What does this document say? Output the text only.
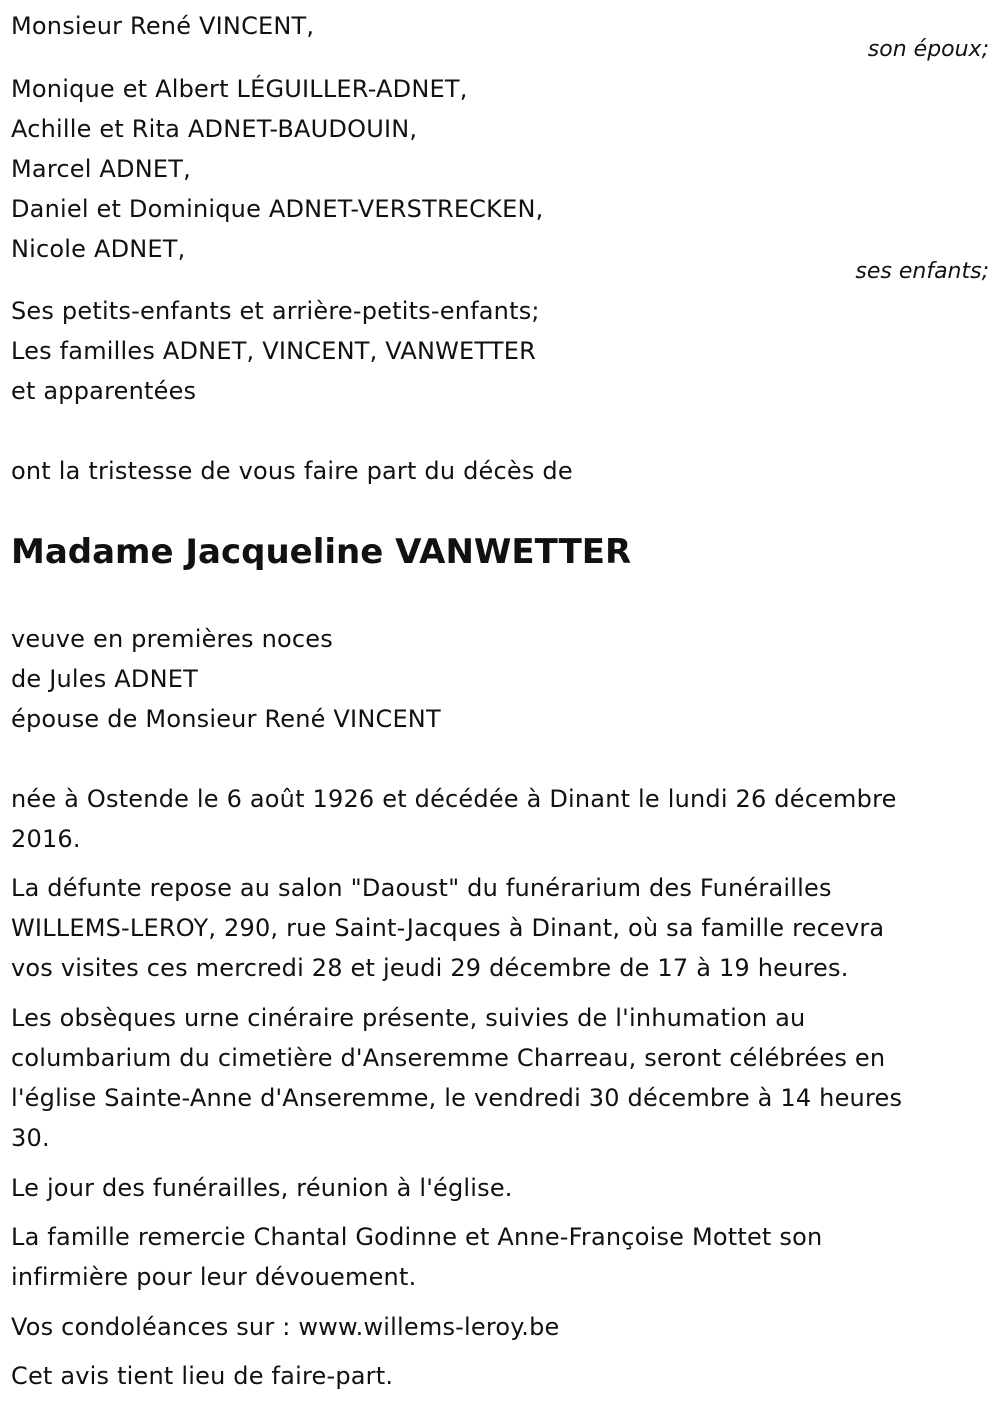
Monsieur René VINCENT,
son époux;
Monique et Albert LÉGUILLER-ADNET,
Achille et Rita ADNET-BAUDOUIN,
Marcel ADNET,
Daniel et Dominique ADNET-VERSTRECKEN,
Nicole ADNET,
ses enfants;
Ses petits-enfants et arrière-petits-enfants;
Les familles ADNET, VINCENT, VANWETTER
et apparentées
ont la tristesse de vous faire part du décès de
Madame Jacqueline VANWETTER
veuve en premières noces
de Jules ADNET
épouse de Monsieur René VINCENT
née à Ostende le 6 août 1926 et décédée à Dinant le lundi 26 décembre
2016.
La défunte repose au salon "Daoust" du funérarium des Funérailles
WILLEMS-LEROY, 290, rue Saint-Jacques à Dinant, où sa famille recevra
vos visites ces mercredi 28 et jeudi 29 décembre de 17 à 19 heures.
Les obsèques urne cinéraire présente, suivies de l'inhumation au
columbarium du cimetière d'Anseremme Charreau, seront célébrées en
l'église Sainte-Anne d'Anseremme, le vendredi 30 décembre à 14 heures
30.
Le jour des funérailles, réunion à l'église.
La famille remercie Chantal Godinne et Anne-Françoise Mottet son
infirmière pour leur dévouement.
Vos condoléances sur : www.willems-leroy.be
Cet avis tient lieu de faire-part.
